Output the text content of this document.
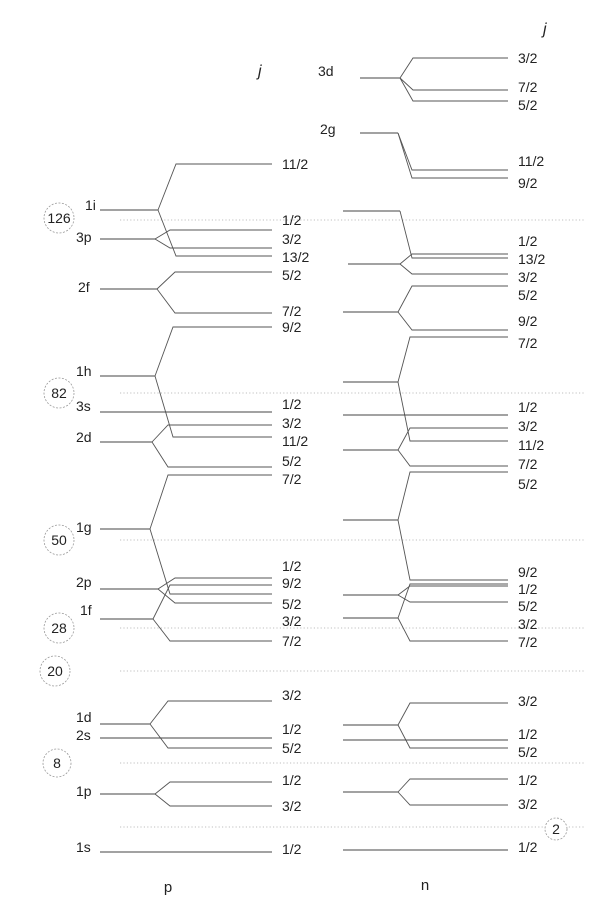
j
j
126
82
50
28
20
8
2
1i
3p
2f
1h
3s
2d
1g
2p
1f
1d
2s
1p
1s
11/2
1/2
3/2
13/2
5/2
7/2
9/2
1/2
3/2
11/2
5/2
7/2
1/2
9/2
5/2
3/2
7/2
3/2
1/2
5/2
1/2
3/2
1/2
3d
2g
3/2
7/2
5/2
11/2
9/2
1/2
13/2
3/2
5/2
9/2
7/2
1/2
3/2
11/2
7/2
5/2
9/2
1/2
5/2
3/2
7/2
3/2
1/2
5/2
1/2
3/2
1/2
p	n
